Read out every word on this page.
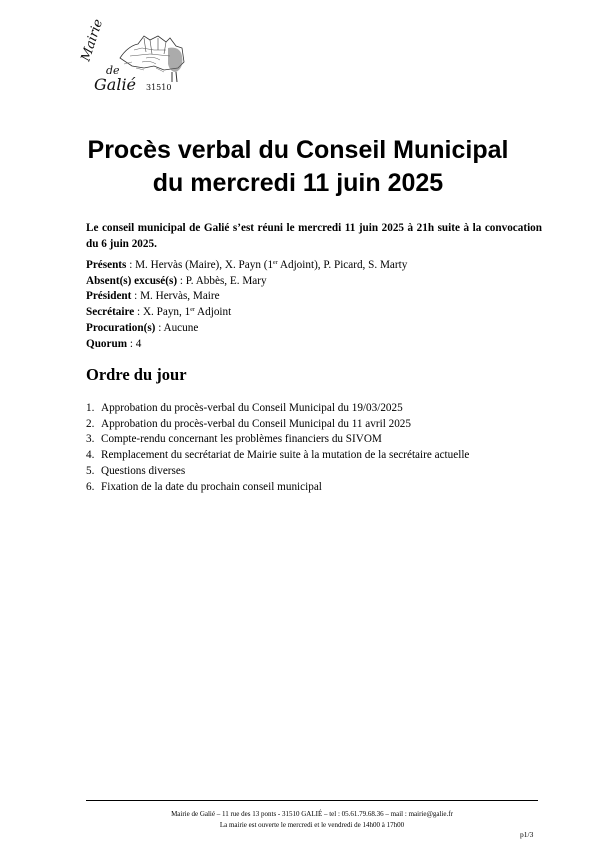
Mairie
de
Galié 31510
Procès verbal du Conseil Municipal
du mercredi 11 juin 2025
Le conseil municipal de Galié s’est réuni le mercredi 11 juin 2025 à 21h suite à la convocation du 6 juin 2025.
Présents : M. Hervàs (Maire), X. Payn (1er Adjoint), P. Picard, S. Marty
Absent(s) excusé(s) : P. Abbès, E. Mary
Président : M. Hervàs, Maire
Secrétaire : X. Payn, 1er Adjoint
Procuration(s) : Aucune
Quorum : 4
Ordre du jour
1. Approbation du procès-verbal du Conseil Municipal du 19/03/2025
2. Approbation du procès-verbal du Conseil Municipal du 11 avril 2025
3. Compte-rendu concernant les problèmes financiers du SIVOM
4. Remplacement du secrétariat de Mairie suite à la mutation de la secrétaire actuelle
5. Questions diverses
6. Fixation de la date du prochain conseil municipal
Mairie de Galié – 11 rue des 13 ponts - 31510 GALIÉ – tel : 05.61.79.68.36 – mail : mairie@galie.fr
La mairie est ouverte le mercredi et le vendredi de 14h00 à 17h00
p1/3
